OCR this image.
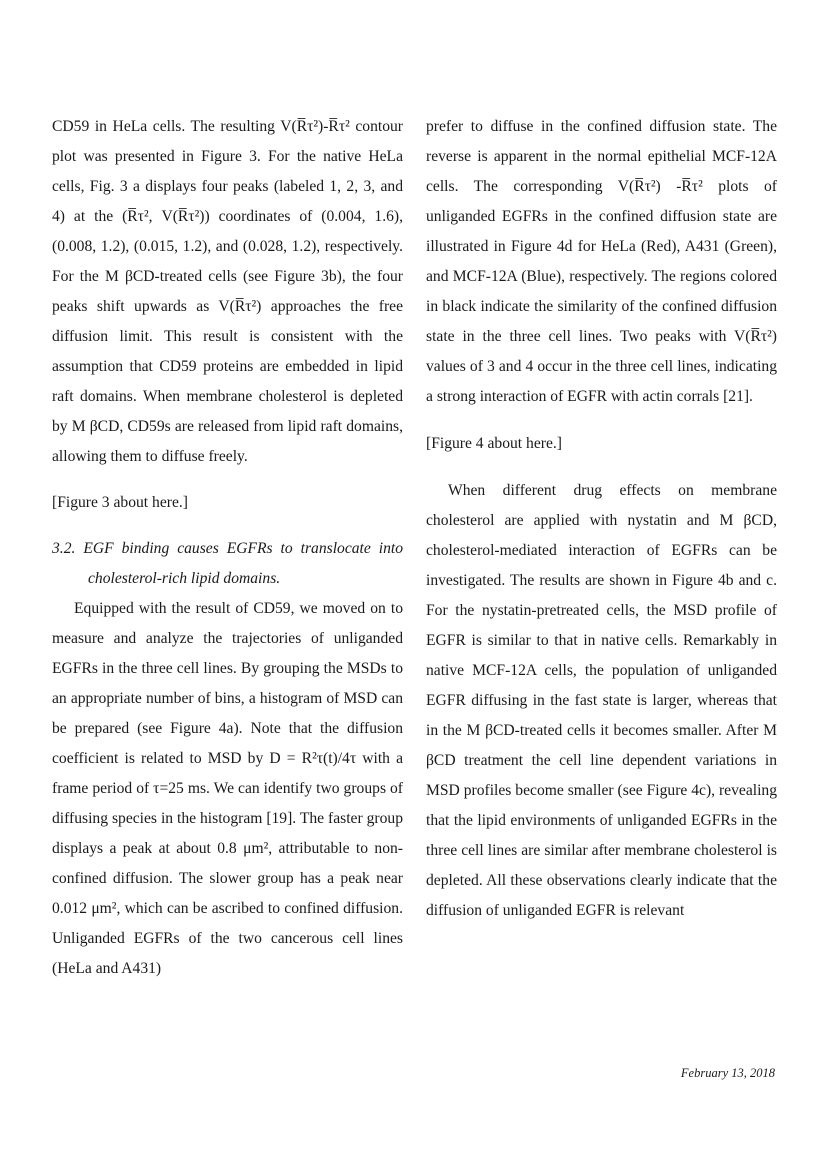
CD59 in HeLa cells. The resulting V(R̅τ²)-R̅τ² contour plot was presented in Figure 3. For the native HeLa cells, Fig. 3 a displays four peaks (labeled 1, 2, 3, and 4) at the (R̅τ², V(R̅τ²)) coordinates of (0.004, 1.6), (0.008, 1.2), (0.015, 1.2), and (0.028, 1.2), respectively. For the M βCD-treated cells (see Figure 3b), the four peaks shift upwards as V(R̅τ²) approaches the free diffusion limit. This result is consistent with the assumption that CD59 proteins are embedded in lipid raft domains. When membrane cholesterol is depleted by M βCD, CD59s are released from lipid raft domains, allowing them to diffuse freely.

[Figure 3 about here.]

3.2. EGF binding causes EGFRs to translocate into cholesterol-rich lipid domains.

Equipped with the result of CD59, we moved on to measure and analyze the trajectories of unliganded EGFRs in the three cell lines. By grouping the MSDs to an appropriate number of bins, a histogram of MSD can be prepared (see Figure 4a). Note that the diffusion coefficient is related to MSD by D = R²τ(t)/4τ with a frame period of τ=25 ms. We can identify two groups of diffusing species in the histogram [19]. The faster group displays a peak at about 0.8 μm², attributable to non-confined diffusion. The slower group has a peak near 0.012 μm², which can be ascribed to confined diffusion. Unliganded EGFRs of the two cancerous cell lines (HeLa and A431)

prefer to diffuse in the confined diffusion state. The reverse is apparent in the normal epithelial MCF-12A cells. The corresponding V(R̅τ²) -R̅τ² plots of unliganded EGFRs in the confined diffusion state are illustrated in Figure 4d for HeLa (Red), A431 (Green), and MCF-12A (Blue), respectively. The regions colored in black indicate the similarity of the confined diffusion state in the three cell lines. Two peaks with V(R̅τ²) values of 3 and 4 occur in the three cell lines, indicating a strong interaction of EGFR with actin corrals [21].

[Figure 4 about here.]

When different drug effects on membrane cholesterol are applied with nystatin and M βCD, cholesterol-mediated interaction of EGFRs can be investigated. The results are shown in Figure 4b and c. For the nystatin-pretreated cells, the MSD profile of EGFR is similar to that in native cells. Remarkably in native MCF-12A cells, the population of unliganded EGFR diffusing in the fast state is larger, whereas that in the M βCD-treated cells it becomes smaller. After M βCD treatment the cell line dependent variations in MSD profiles become smaller (see Figure 4c), revealing that the lipid environments of unliganded EGFRs in the three cell lines are similar after membrane cholesterol is depleted. All these observations clearly indicate that the diffusion of unliganded EGFR is relevant

February 13, 2018
